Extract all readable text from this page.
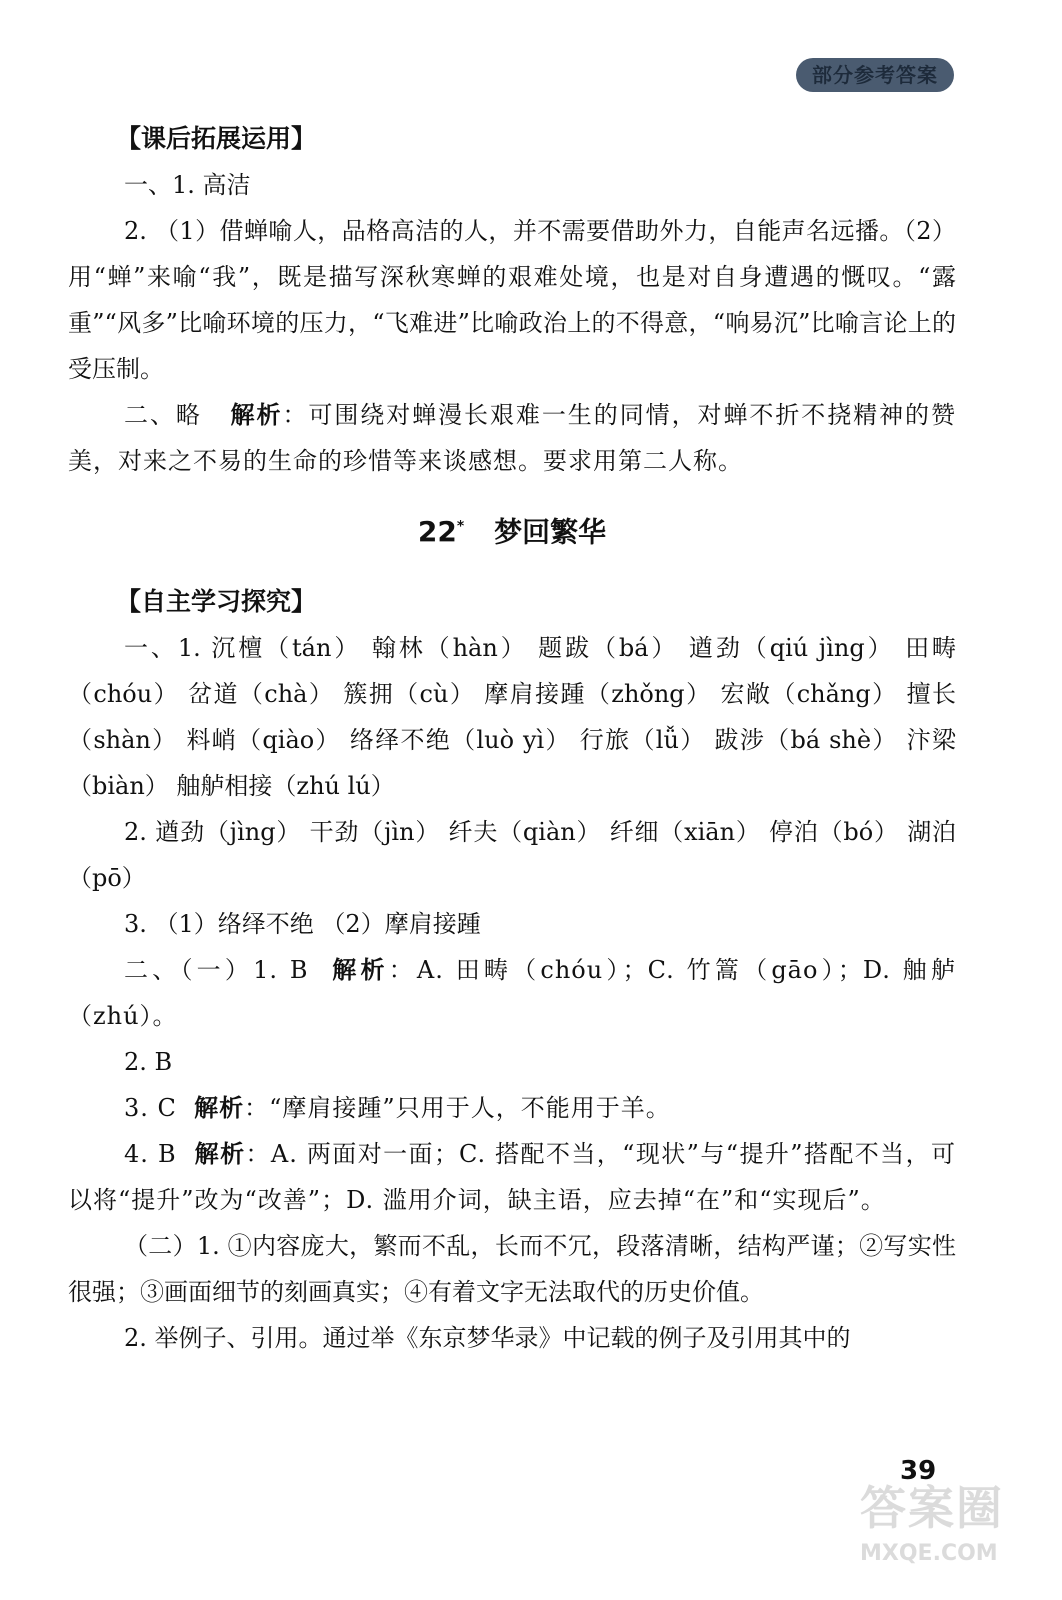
部分参考答案
【课后拓展运用】

一、1. 高洁

2. （1）借蝉喻人，品格高洁的人，并不需要借助外力，自能声名远播。（2）用“蝉”来喻“我”，既是描写深秋寒蝉的艰难处境，也是对自身遭遇的慨叹。“露重”“风多”比喻环境的压力，“飞难进”比喻政治上的不得意，“响易沉”比喻言论上的受压制。

二、略 解析：可围绕对蝉漫长艰难一生的同情，对蝉不折不挠精神的赞美，对来之不易的生命的珍惜等来谈感想。要求用第二人称。

22* 梦回繁华
【自主学习探究】

一、1. 沉檀（tán） 翰林（hàn） 题跋（bá） 遒劲（qiú jìng） 田畴（chóu） 岔道（chà） 簇拥（cù） 摩肩接踵（zhǒng） 宏敞（chǎng） 擅长（shàn） 料峭（qiào） 络绎不绝（luò yì） 行旅（lǚ） 跋涉（bá shè） 汴梁（biàn） 舳舻相接（zhú lú）

2. 遒劲（jìng） 干劲（jìn） 纤夫（qiàn） 纤细（xiān） 停泊（bó） 湖泊（pō）

3. （1）络绎不绝 （2）摩肩接踵

二、（一）1. B 解析：A. 田畴（chóu）；C. 竹篙（gāo）；D. 舳舻（zhú）。

2. B

3. C 解析：“摩肩接踵”只用于人，不能用于羊。

4. B 解析：A. 两面对一面；C. 搭配不当，“现状”与“提升”搭配不当，可以将“提升”改为“改善”；D. 滥用介词，缺主语，应去掉“在”和“实现后”。

（二）1. ①内容庞大，繁而不乱，长而不冗，段落清晰，结构严谨；②写实性很强；③画面细节的刻画真实；④有着文字无法取代的历史价值。

2. 举例子、引用。通过举《东京梦华录》中记载的例子及引用其中的

39
答案圈
MXQE.COM
